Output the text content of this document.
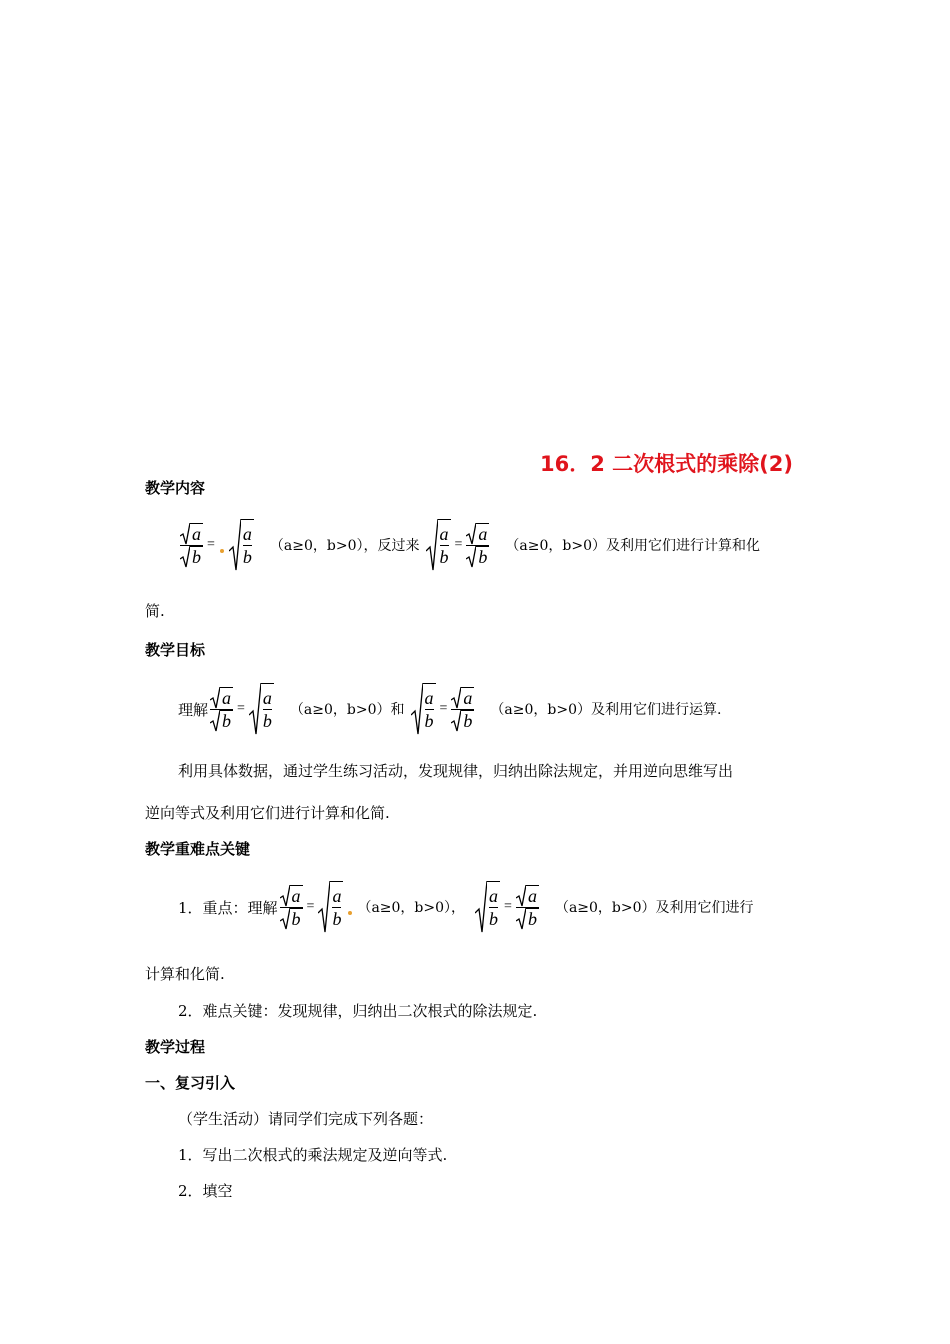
16．2 二次根式的乘除(2)
教学内容
$\frac{a}{b} = \frac{a}{b} (a\ge 0$，b>0），反过来 $\frac{a}{b} = \frac{a}{b} (a\ge 0$，b>0）及利用它们进行计算和化
简.
教学目标
理解 $\frac{a}{b} = \frac{a}{b} (a\ge 0$，b>0）和 $\frac{a}{b} = \frac{a}{b} (a\ge 0$，b>0）及利用它们进行运算.
利用具体数据，通过学生练习活动，发现规律，归纳出除法规定，并用逆向思维写出
逆向等式及利用它们进行计算和化简.
教学重难点关键
1．重点：理解 $\frac{a}{b} = \frac{a}{b} (a\ge 0$，b>0）， $\frac{a}{b} = \frac{a}{b} (a\ge 0$，b>0）及利用它们进行
计算和化简.
2．难点关键：发现规律，归纳出二次根式的除法规定.
教学过程
一、复习引入
（学生活动）请同学们完成下列各题：
1．写出二次根式的乘法规定及逆向等式.
2．填空
